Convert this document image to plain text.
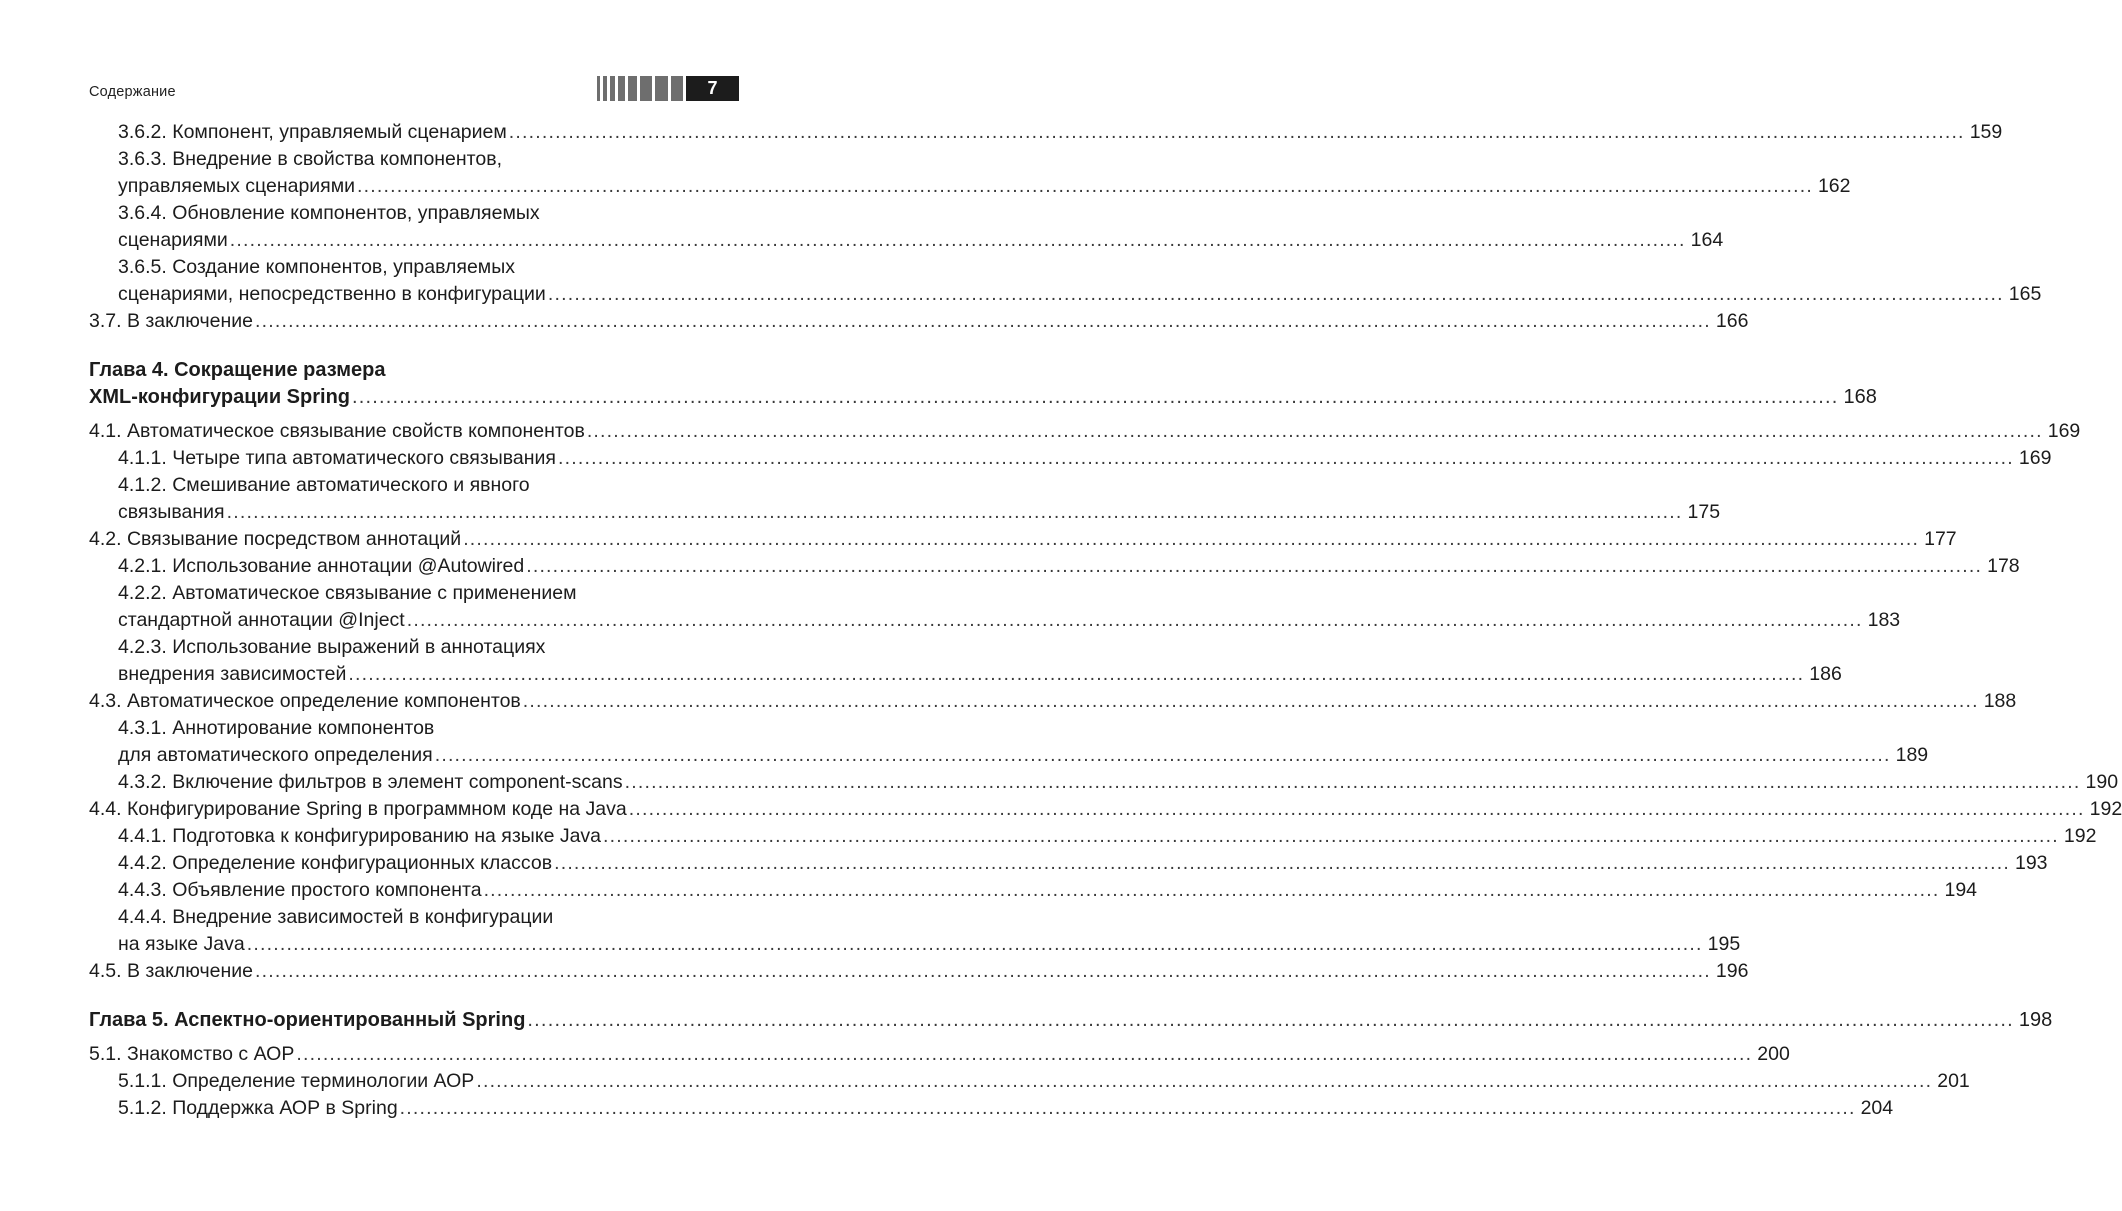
Содержание	7
3.6.2. Компонент, управляемый сценарием ............................................................................................................................................................................................................................ 159
3.6.3. Внедрение в свойства компонентов,
управляемых сценариями ............................................................................................................................................................................................................................ 162
3.6.4. Обновление компонентов, управляемых
сценариями ............................................................................................................................................................................................................................ 164
3.6.5. Создание компонентов, управляемых
сценариями, непосредственно в конфигурации ............................................................................................................................................................................................................................ 165
3.7. В заключение ............................................................................................................................................................................................................................ 166
Глава 4. Сокращение размера
XML-конфигурации Spring ............................................................................................................................................................................................................................ 168
4.1. Автоматическое связывание свойств компонентов ............................................................................................................................................................................................................................ 169
4.1.1. Четыре типа автоматического связывания ............................................................................................................................................................................................................................ 169
4.1.2. Смешивание автоматического и явного
связывания ............................................................................................................................................................................................................................ 175
4.2. Связывание посредством аннотаций ............................................................................................................................................................................................................................ 177
4.2.1. Использование аннотации @Autowired ............................................................................................................................................................................................................................ 178
4.2.2. Автоматическое связывание с применением
стандартной аннотации @Inject ............................................................................................................................................................................................................................ 183
4.2.3. Использование выражений в аннотациях
внедрения зависимостей ............................................................................................................................................................................................................................ 186
4.3. Автоматическое определение компонентов ............................................................................................................................................................................................................................ 188
4.3.1. Аннотирование компонентов
для автоматического определения ............................................................................................................................................................................................................................ 189
4.3.2. Включение фильтров в элемент component-scans ............................................................................................................................................................................................................................ 190
4.4. Конфигурирование Spring в программном коде на Java ............................................................................................................................................................................................................................ 192
4.4.1. Подготовка к конфигурированию на языке Java ............................................................................................................................................................................................................................ 192
4.4.2. Определение конфигурационных классов ............................................................................................................................................................................................................................ 193
4.4.3. Объявление простого компонента ............................................................................................................................................................................................................................ 194
4.4.4. Внедрение зависимостей в конфигурации
на языке Java ............................................................................................................................................................................................................................ 195
4.5. В заключение ............................................................................................................................................................................................................................ 196
Глава 5. Аспектно-ориентированный Spring ............................................................................................................................................................................................................................ 198
5.1. Знакомство с АОР ............................................................................................................................................................................................................................ 200
5.1.1. Определение терминологии АОР ............................................................................................................................................................................................................................ 201
5.1.2. Поддержка АОР в Spring ............................................................................................................................................................................................................................ 204
